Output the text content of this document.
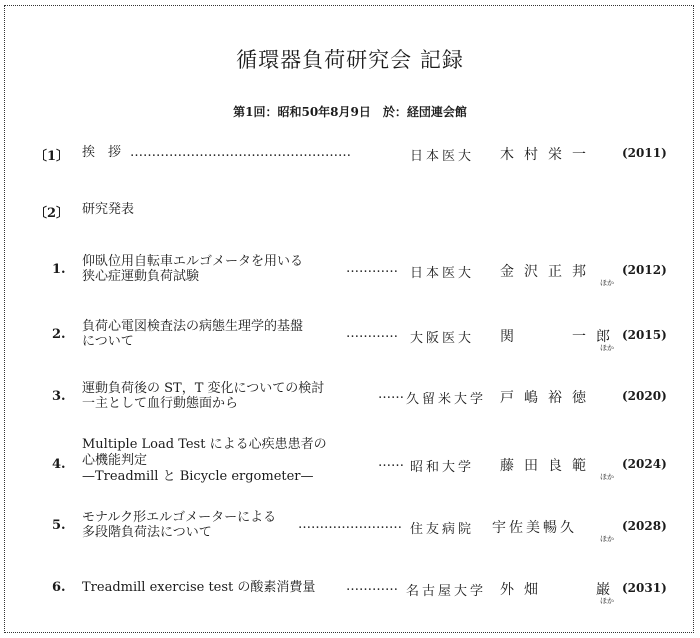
循環器負荷研究会 記録
第1回：昭和50年8月9日　於：経団連会館
〔1〕 挨　拶 ……………………………………………	日本医大 木村栄一 (2011)
〔2〕 研究発表
1.
仰臥位用自転車エルゴメータを用いる
狭心症運動負荷試験
………… 日本医大 金沢正邦
ほか
(2012)
2.
負荷心電図検査法の病態生理学的基盤
について
………… 大阪医大 関　　一郎
ほか
(2015)
3.
運動負荷後の ST，T 変化についての検討
一主として血行動態面から
…… 久留米大学 戸嶋裕徳 (2020)
4.
Multiple Load Test による心疾患患者の
心機能判定
—Treadmill と Bicycle ergometer—
…… 昭和大学 藤田良範
ほか
(2024)
5.
モナルク形エルゴメーターによる
多段階負荷法について
…………………… 住友病院 宇佐美暢久
ほか
(2028)
6. Treadmill exercise test の酸素消費量 ………… 名古屋大学 外畑　　巌
ほか
(2031)
